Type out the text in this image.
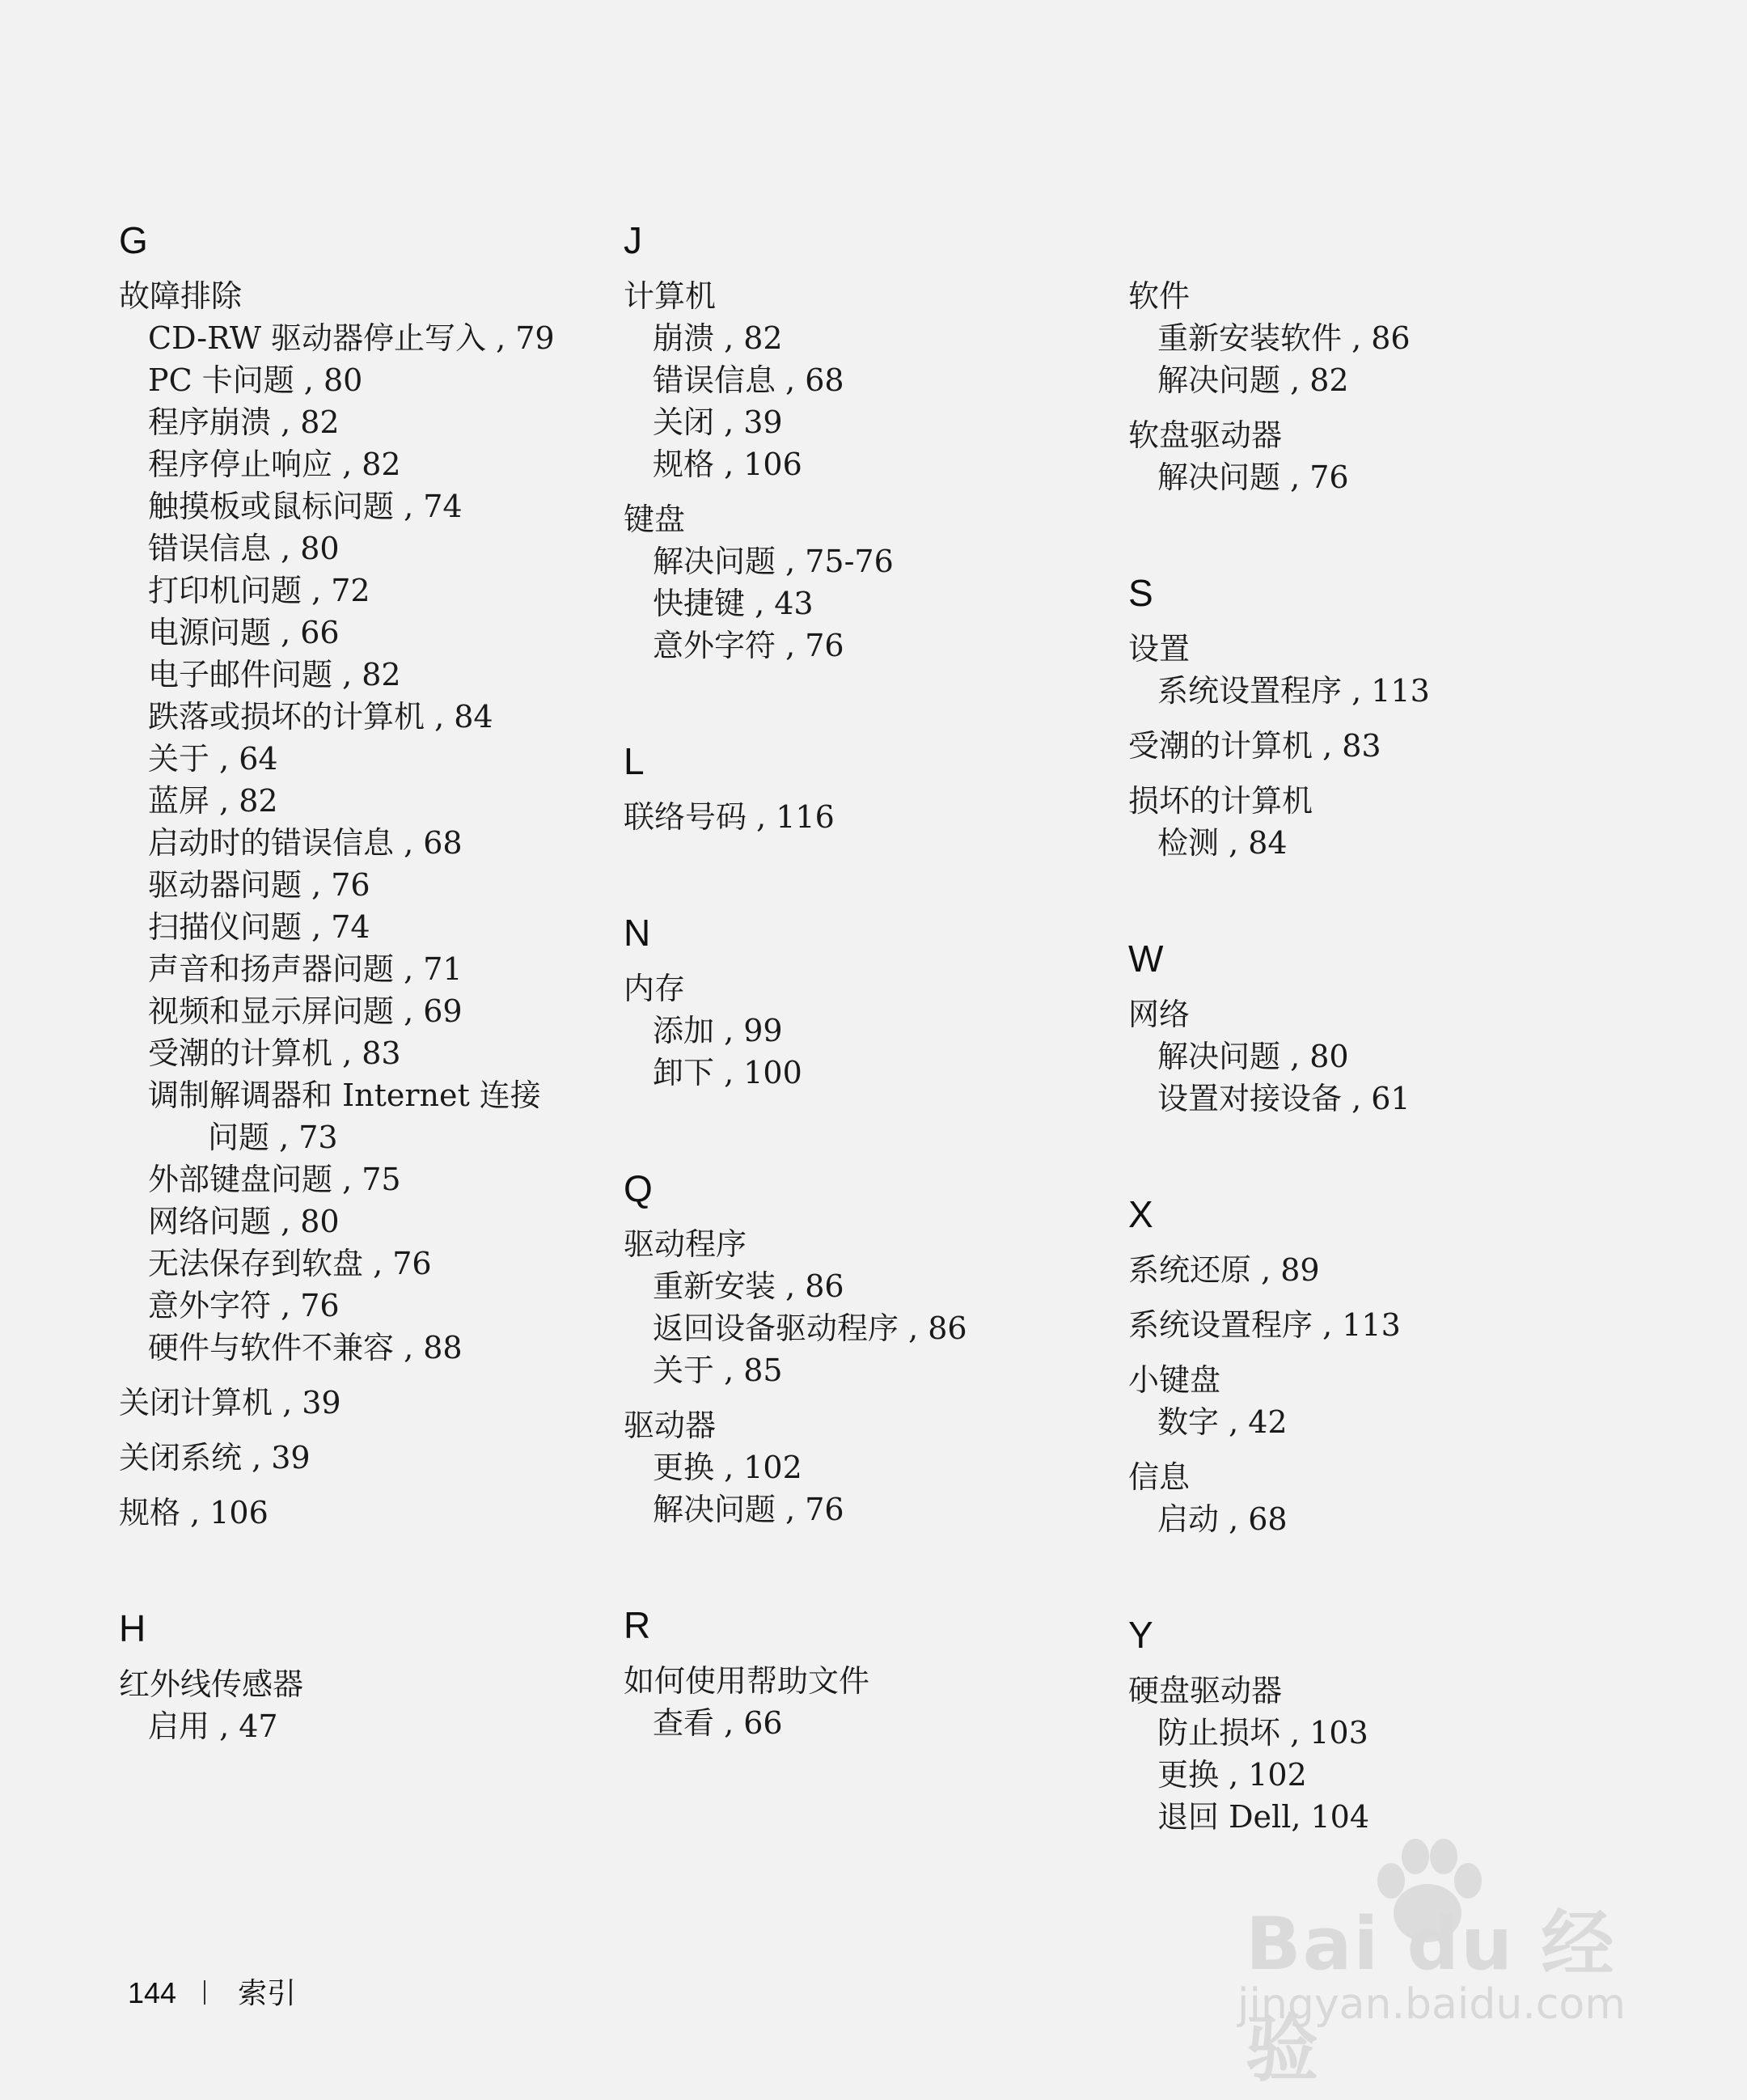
G
故障排除
CD-RW 驱动器停止写入 , 79
PC 卡问题 , 80
程序崩溃 , 82
程序停止响应 , 82
触摸板或鼠标问题 , 74
错误信息 , 80
打印机问题 , 72
电源问题 , 66
电子邮件问题 , 82
跌落或损坏的计算机 , 84
关于 , 64
蓝屏 , 82
启动时的错误信息 , 68
驱动器问题 , 76
扫描仪问题 , 74
声音和扬声器问题 , 71
视频和显示屏问题 , 69
受潮的计算机 , 83
调制解调器和 Internet 连接
问题 , 73
外部键盘问题 , 75
网络问题 , 80
无法保存到软盘 , 76
意外字符 , 76
硬件与软件不兼容 , 88
关闭计算机 , 39
关闭系统 , 39
规格 , 106
H
红外线传感器
启用 , 47
J
计算机
崩溃 , 82
错误信息 , 68
关闭 , 39
规格 , 106
键盘
解决问题 , 75-76
快捷键 , 43
意外字符 , 76
L
联络号码 , 116
N
内存
添加 , 99
卸下 , 100
Q
驱动程序
重新安装 , 86
返回设备驱动程序 , 86
关于 , 85
驱动器
更换 , 102
解决问题 , 76
R
如何使用帮助文件
查看 , 66
软件
重新安装软件 , 86
解决问题 , 82
软盘驱动器
解决问题 , 76
S
设置
系统设置程序 , 113
受潮的计算机 , 83
损坏的计算机
检测 , 84
W
网络
解决问题 , 80
设置对接设备 , 61
X
系统还原 , 89
系统设置程序 , 113
小键盘
数字 , 42
信息
启动 , 68
Y
硬盘驱动器
防止损坏 , 103
更换 , 102
退回 Dell, 104
144 索引
Bai du 经验
jingyan.baidu.com
